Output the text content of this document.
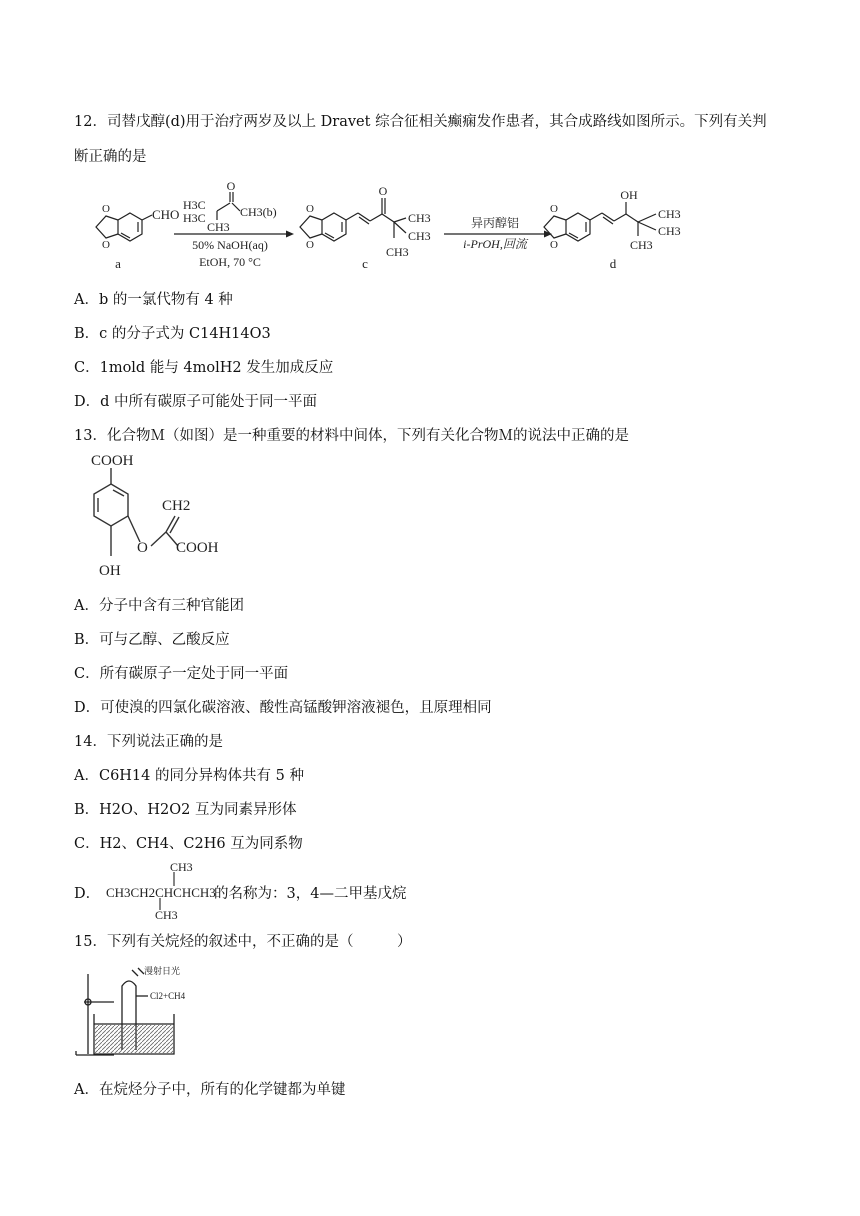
12．司替戊醇(d)用于治疗两岁及以上 Dravet 综合征相关癫痫发作患者，其合成路线如图所示。下列有关判
断正确的是
O
O
CHO
a
O
H3C
H3C	CH3(b)
CH3
50% NaOH(aq)
EtOH, 70 °C
O
O
O
CH3
CH3
CH3
c
异丙醇铝
i-PrOH,回流
O
O
OH
CH3
CH3
CH3
d
A．b 的一氯代物有 4 种
B．c 的分子式为 C14H14O3
C．1mold 能与 4molH2 发生加成反应
D．d 中所有碳原子可能处于同一平面
13．化合物Ｍ（如图）是一种重要的材料中间体，下列有关化合物Ｍ的说法中正确的是
COOH
CH2
O COOH
OH
A．分子中含有三种官能团
B．可与乙醇、乙酸反应
C．所有碳原子一定处于同一平面
D．可使溴的四氯化碳溶液、酸性高锰酸钾溶液褪色，且原理相同
14．下列说法正确的是
A．C6H14 的同分异构体共有 5 种
B．H2O、H2O2 互为同素异形体
C．H2、CH4、C2H6 互为同系物
D．
CH3
CH3CH2CHCHCH3
CH3
的名称为：3，4—二甲基戊烷
15．下列有关烷烃的叙述中，不正确的是（　　　）
漫射日光
Cl2+CH4
A．在烷烃分子中，所有的化学键都为单键
